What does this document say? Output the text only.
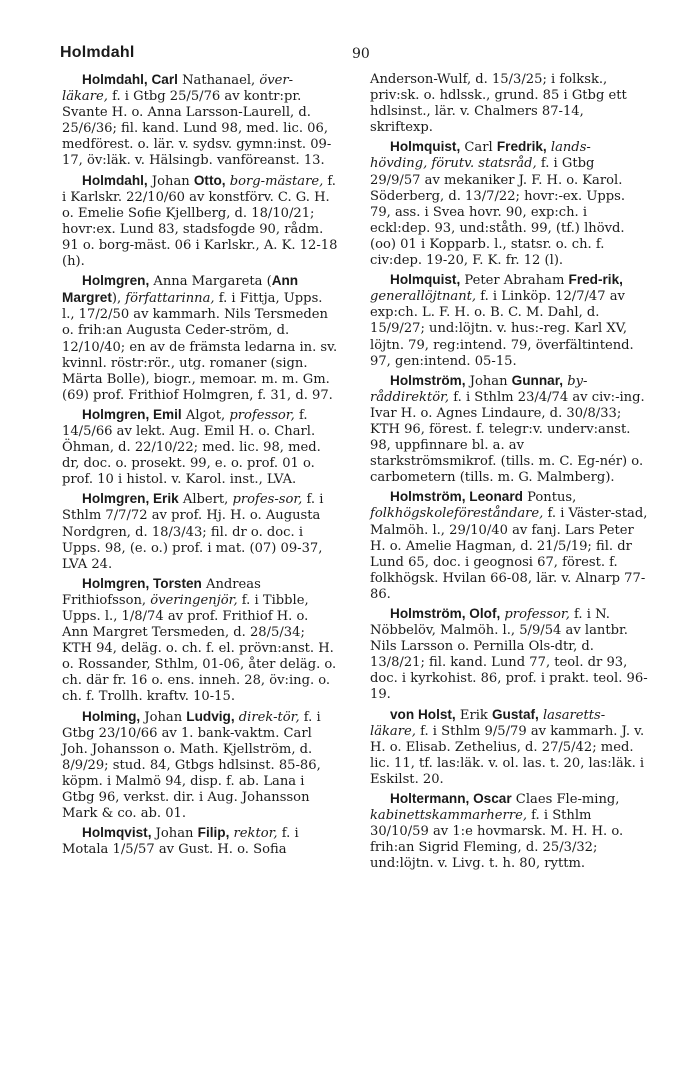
Holmdahl	90

Holmdahl, Carl Nathanael, över-läkare, f. i Gtbg 25/5/76 av kontr:pr. Svante H. o. Anna Larsson-Laurell, d. 25/6/36; fil. kand. Lund 98, med. lic. 06, medförest. o. lär. v. sydsv. gymn:inst. 09-17, öv:läk. v. Hälsingb. vanföreanst. 13.

Holmdahl, Johan Otto, borg-mästare, f. i Karlskr. 22/10/60 av konstförv. C. G. H. o. Emelie Sofie Kjellberg, d. 18/10/21; hovr:ex. Lund 83, stadsfogde 90, rådm. 91 o. borg-mäst. 06 i Karlskr., A. K. 12-18 (h).

Holmgren, Anna Margareta (Ann Margret), författarinna, f. i Fittja, Upps. l., 17/2/50 av kammarh. Nils Tersmeden o. frih:an Augusta Ceder-ström, d. 12/10/40; en av de främsta ledarna in. sv. kvinnl. röstr:rör., utg. romaner (sign. Märta Bolle), biogr., memoar. m. m. Gm. (69) prof. Frithiof Holmgren, f. 31, d. 97.

Holmgren, Emil Algot, professor, f. 14/5/66 av lekt. Aug. Emil H. o. Charl. Öhman, d. 22/10/22; med. lic. 98, med. dr, doc. o. prosekt. 99, e. o. prof. 01 o. prof. 10 i histol. v. Karol. inst., LVA.

Holmgren, Erik Albert, profes-sor, f. i Sthlm 7/7/72 av prof. Hj. H. o. Augusta Nordgren, d. 18/3/43; fil. dr o. doc. i Upps. 98, (e. o.) prof. i mat. (07) 09-37, LVA 24.

Holmgren, Torsten Andreas Frithiofsson, överingenjör, f. i Tibble, Upps. l., 1/8/74 av prof. Frithiof H. o. Ann Margret Tersmeden, d. 28/5/34; KTH 94, deläg. o. ch. f. el. prövn:anst. H. o. Rossander, Sthlm, 01-06, åter deläg. o. ch. där fr. 16 o. ens. inneh. 28, öv:ing. o. ch. f. Trollh. kraftv. 10-15.

Holming, Johan Ludvig, direk-tör, f. i Gtbg 23/10/66 av 1. bank-vaktm. Carl Joh. Johansson o. Math. Kjellström, d. 8/9/29; stud. 84, Gtbgs hdlsinst. 85-86, köpm. i Malmö 94, disp. f. ab. Lana i Gtbg 96, verkst. dir. i Aug. Johansson Mark & co. ab. 01.

Holmqvist, Johan Filip, rektor, f. i Motala 1/5/57 av Gust. H. o. Sofia

Anderson-Wulf, d. 15/3/25; i folksk., priv:sk. o. hdlssk., grund. 85 i Gtbg ett hdlsinst., lär. v. Chalmers 87-14, skriftexp.

Holmquist, Carl Fredrik, lands-hövding, förutv. statsråd, f. i Gtbg 29/9/57 av mekaniker J. F. H. o. Karol. Söderberg, d. 13/7/22; hovr:-ex. Upps. 79, ass. i Svea hovr. 90, exp:ch. i eckl:dep. 93, und:ståth. 99, (tf.) lhövd. (oo) 01 i Kopparb. l., statsr. o. ch. f. civ:dep. 19-20, F. K. fr. 12 (l).

Holmquist, Peter Abraham Fred-rik, generallöjtnant, f. i Linköp. 12/7/47 av exp:ch. L. F. H. o. B. C. M. Dahl, d. 15/9/27; und:löjtn. v. hus:-reg. Karl XV, löjtn. 79, reg:intend. 79, överfältintend. 97, gen:intend. 05-15.

Holmström, Johan Gunnar, by-råddirektör, f. i Sthlm 23/4/74 av civ:-ing. Ivar H. o. Agnes Lindaure, d. 30/8/33; KTH 96, förest. f. telegr:v. underv:anst. 98, uppfinnare bl. a. av starkströmsmikrof. (tills. m. C. Eg-nér) o. carbometern (tills. m. G. Malmberg).

Holmström, Leonard Pontus, folkhögskoleföreståndare, f. i Väster-stad, Malmöh. l., 29/10/40 av fanj. Lars Peter H. o. Amelie Hagman, d. 21/5/19; fil. dr Lund 65, doc. i geognosi 67, förest. f. folkhögsk. Hvilan 66-08, lär. v. Alnarp 77-86.

Holmström, Olof, professor, f. i N. Nöbbelöv, Malmöh. l., 5/9/54 av lantbr. Nils Larsson o. Pernilla Ols-dtr, d. 13/8/21; fil. kand. Lund 77, teol. dr 93, doc. i kyrkohist. 86, prof. i prakt. teol. 96-19.

von Holst, Erik Gustaf, lasaretts-läkare, f. i Sthlm 9/5/79 av kammarh. J. v. H. o. Elisab. Zethelius, d. 27/5/42; med. lic. 11, tf. las:läk. v. ol. las. t. 20, las:läk. i Eskilst. 20.

Holtermann, Oscar Claes Fle-ming, kabinettskammarherre, f. i Sthlm 30/10/59 av 1:e hovmarsk. M. H. H. o. frih:an Sigrid Fleming, d. 25/3/32; und:löjtn. v. Livg. t. h. 80, ryttm.
